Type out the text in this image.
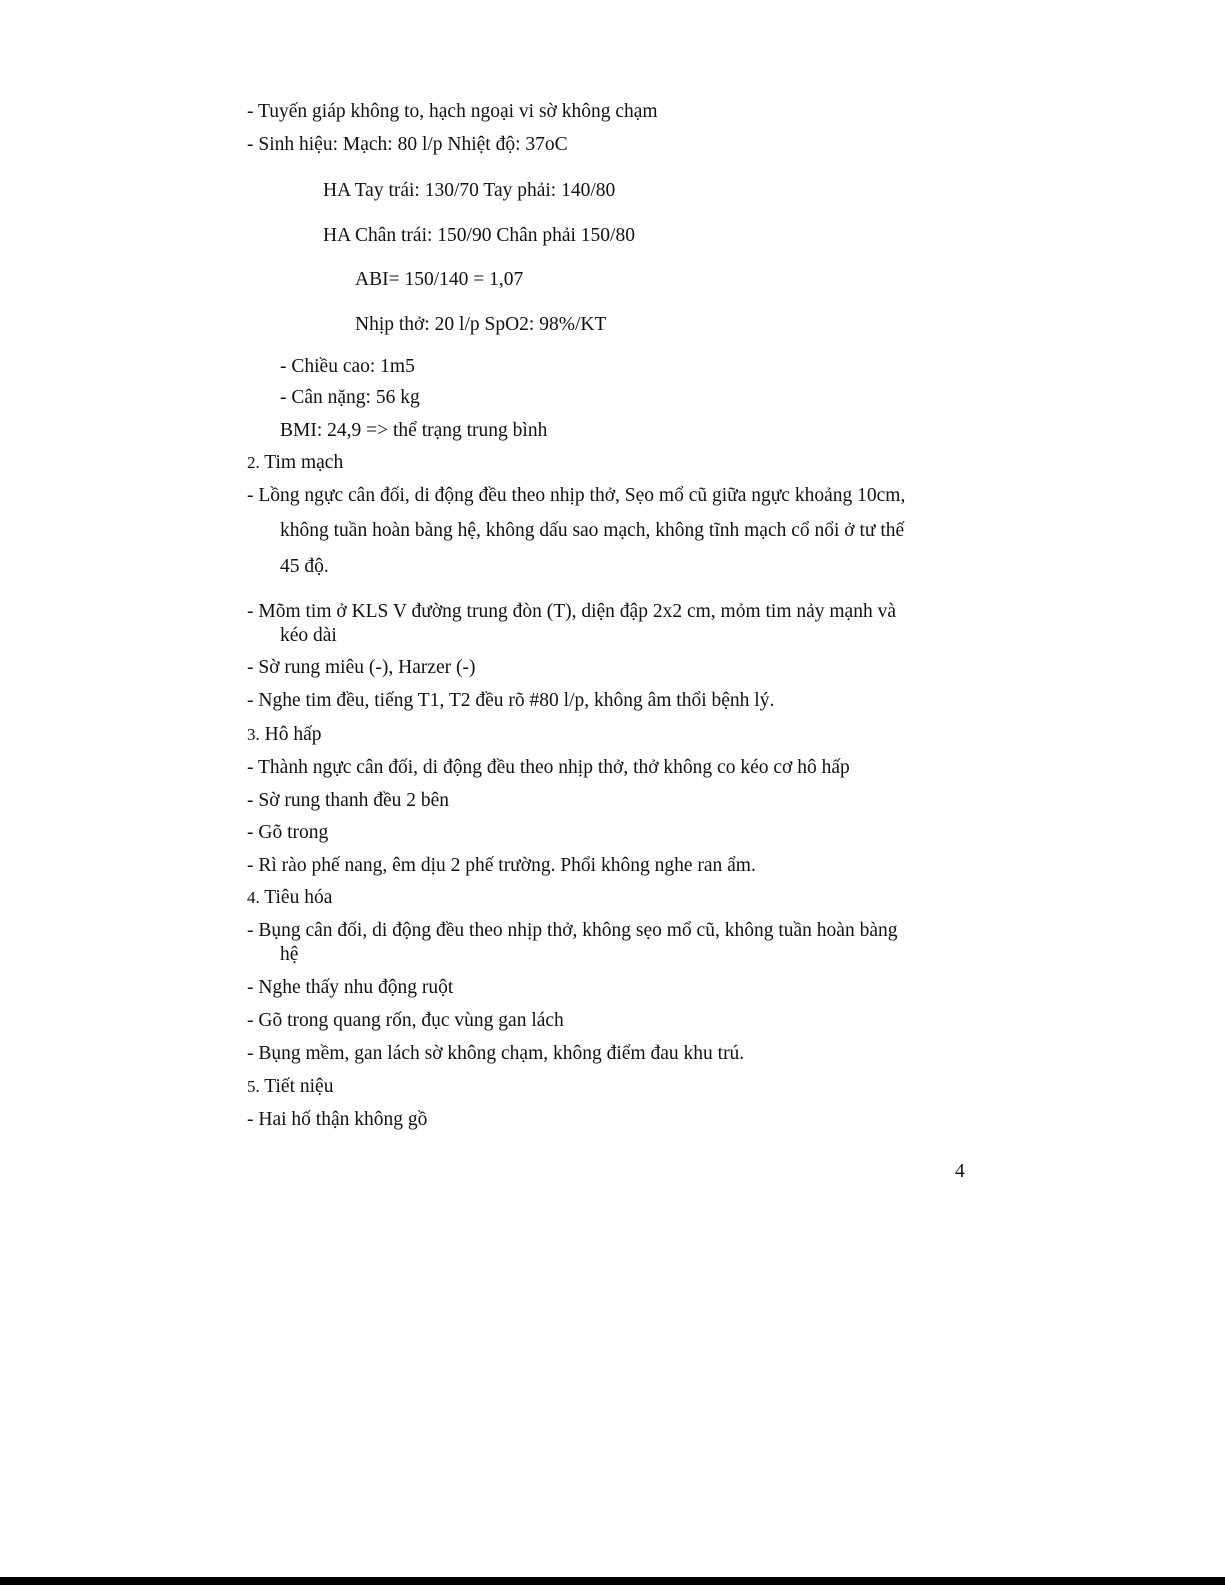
- Tuyến giáp không to, hạch ngoại vi sờ không chạm
- Sinh hiệu: Mạch: 80 l/p Nhiệt độ: 37oC
HA Tay trái: 130/70 Tay phải: 140/80
HA Chân trái: 150/90 Chân phải 150/80
ABI= 150/140 = 1,07
Nhịp thở: 20 l/p SpO2: 98%/KT
- Chiều cao: 1m5
- Cân nặng: 56 kg
BMI: 24,9 => thể trạng trung bình
2. Tim mạch
- Lồng ngực cân đối, di động đều theo nhịp thở, Sẹo mổ cũ giữa ngực khoảng 10cm,
không tuần hoàn bàng hệ, không dấu sao mạch, không tĩnh mạch cổ nổi ở tư thế
45 độ.
- Mõm tim ở KLS V đường trung đòn (T), diện đập 2x2 cm, mỏm tim nảy mạnh và
kéo dài
- Sờ rung miêu (-), Harzer (-)
- Nghe tim đều, tiếng T1, T2 đều rõ #80 l/p, không âm thổi bệnh lý.
3. Hô hấp
- Thành ngực cân đối, di động đều theo nhịp thở, thở không co kéo cơ hô hấp
- Sờ rung thanh đều 2 bên
- Gõ trong
- Rì rào phế nang, êm dịu 2 phế trường. Phổi không nghe ran ẩm.
4. Tiêu hóa
- Bụng cân đối, di động đều theo nhịp thở, không sẹo mổ cũ, không tuần hoàn bàng
hệ
- Nghe thấy nhu động ruột
- Gõ trong quang rốn, đục vùng gan lách
- Bụng mềm, gan lách sờ không chạm, không điểm đau khu trú.
5. Tiết niệu
- Hai hố thận không gồ
4
